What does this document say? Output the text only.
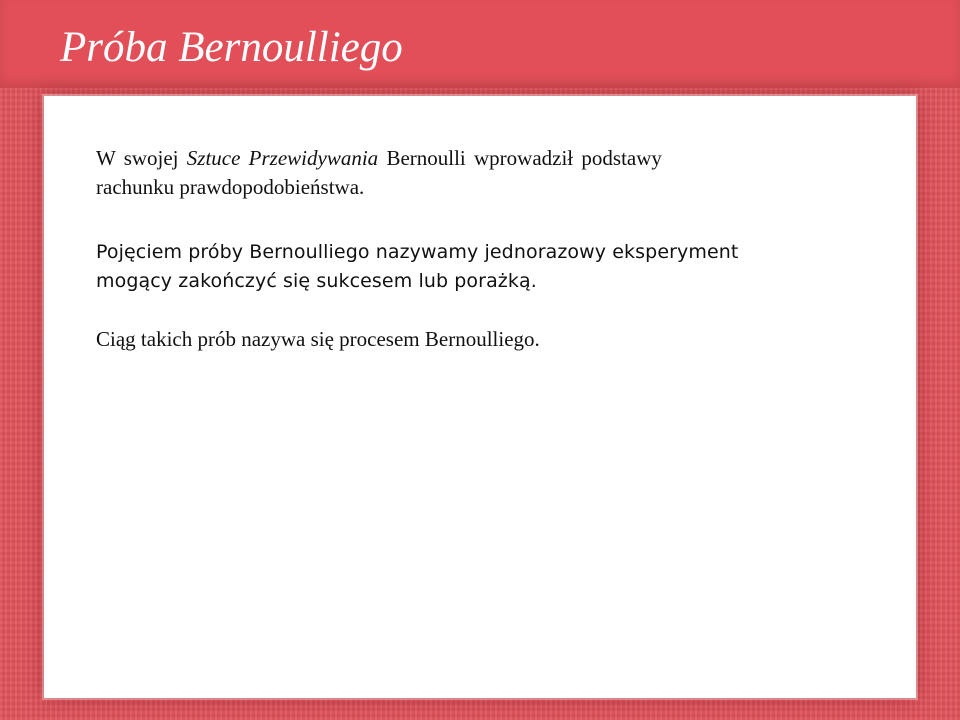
Próba Bernoulliego
W swojej Sztuce Przewidywania Bernoulli wprowadził podstawy
rachunku prawdopodobieństwa.
Pojęciem próby Bernoulliego nazywamy jednorazowy eksperyment
mogący zakończyć się sukcesem lub porażką.
Ciąg takich prób nazywa się procesem Bernoulliego.
